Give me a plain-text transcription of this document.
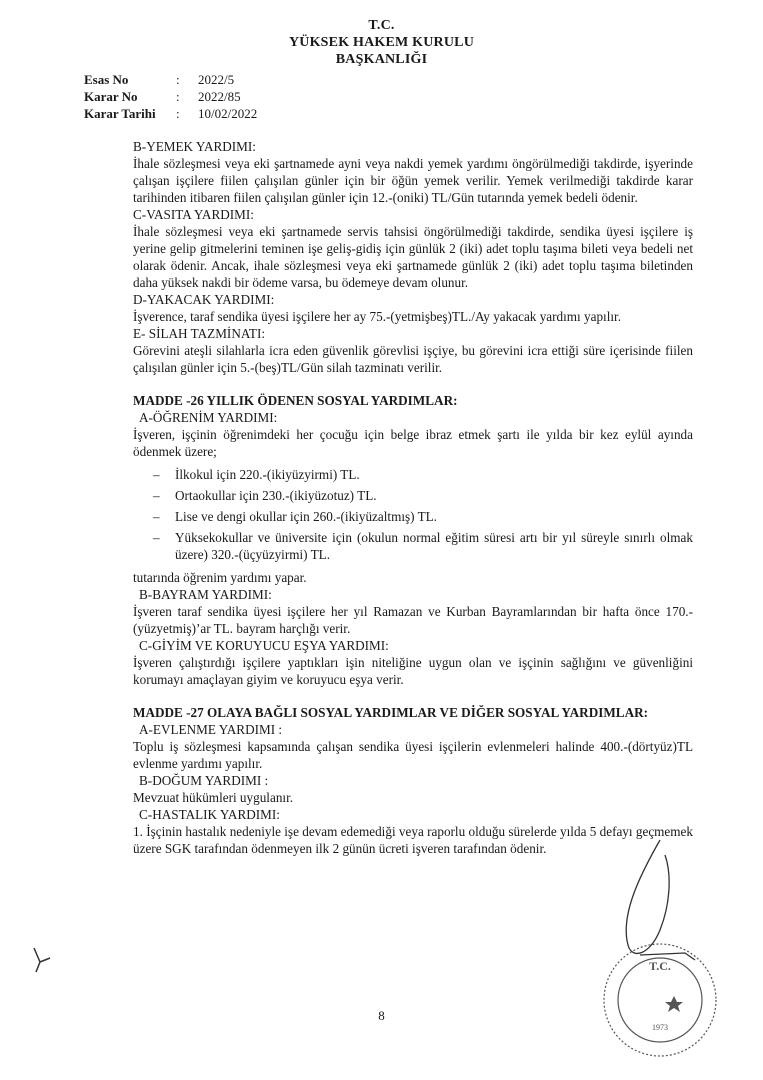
T.C.
YÜKSEK HAKEM KURULU
BAŞKANLIĞI
Esas No	: 2022/5
Karar No	: 2022/85
Karar Tarihi : 10/02/2022

B-YEMEK YARDIMI:

İhale sözleşmesi veya eki şartnamede ayni veya nakdi yemek yardımı öngörülmediği takdirde, işyerinde çalışan işçilere fiilen çalışılan günler için bir öğün yemek verilir. Yemek verilmediği takdirde karar tarihinden itibaren fiilen çalışılan günler için 12.-(oniki) TL/Gün tutarında yemek bedeli ödenir.

C-VASITA YARDIMI:

İhale sözleşmesi veya eki şartnamede servis tahsisi öngörülmediği takdirde, sendika üyesi işçilere iş yerine gelip gitmelerini teminen işe geliş-gidiş için günlük 2 (iki) adet toplu taşıma bileti veya bedeli net olarak ödenir. Ancak, ihale sözleşmesi veya eki şartnamede günlük 2 (iki) adet toplu taşıma biletinden daha yüksek nakdi bir ödeme varsa, bu ödemeye devam olunur.

D-YAKACAK YARDIMI:

İşverence, taraf sendika üyesi işçilere her ay 75.-(yetmişbeş)TL./Ay yakacak yardımı yapılır.

E- SİLAH TAZMİNATI:

Görevini ateşli silahlarla icra eden güvenlik görevlisi işçiye, bu görevini icra ettiği süre içerisinde fiilen çalışılan günler için 5.-(beş)TL/Gün silah tazminatı verilir.

MADDE -26 YILLIK ÖDENEN SOSYAL YARDIMLAR:

A-ÖĞRENİM YARDIMI:

İşveren, işçinin öğrenimdeki her çocuğu için belge ibraz etmek şartı ile yılda bir kez eylül ayında ödenmek üzere;

– İlkokul için 220.-(ikiyüzyirmi) TL.
– Ortaokullar için 230.-(ikiyüzotuz) TL.
– Lise ve dengi okullar için 260.-(ikiyüzaltmış) TL.
– Yüksekokullar ve üniversite için (okulun normal eğitim süresi artı bir yıl süreyle sınırlı olmak üzere) 320.-(üçyüzyirmi) TL.

tutarında öğrenim yardımı yapar.

B-BAYRAM YARDIMI:

İşveren taraf sendika üyesi işçilere her yıl Ramazan ve Kurban Bayramlarından bir hafta önce 170.-(yüzyetmiş)’ar TL. bayram harçlığı verir.

C-GİYİM VE KORUYUCU EŞYA YARDIMI:

İşveren çalıştırdığı işçilere yaptıkları işin niteliğine uygun olan ve işçinin sağlığını ve güvenliğini korumayı amaçlayan giyim ve koruyucu eşya verir.

MADDE -27 OLAYA BAĞLI SOSYAL YARDIMLAR VE DİĞER SOSYAL YARDIMLAR:

A-EVLENME YARDIMI :

Toplu iş sözleşmesi kapsamında çalışan sendika üyesi işçilerin evlenmeleri halinde 400.-(dörtyüz)TL evlenme yardımı yapılır.

B-DOĞUM YARDIMI :

Mevzuat hükümleri uygulanır.

C-HASTALIK YARDIMI:

1. İşçinin hastalık nedeniyle işe devam edemediği veya raporlu olduğu sürelerde yılda 5 defayı geçmemek üzere SGK tarafından ödenmeyen ilk 2 günün ücreti işveren tarafından ödenir.

8
T.C.
1973
